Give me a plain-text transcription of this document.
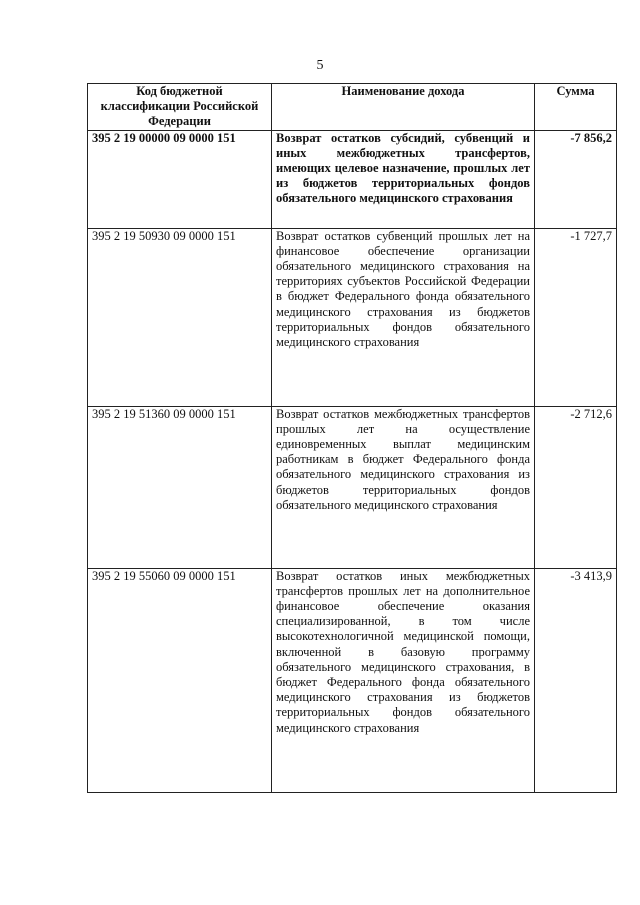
5
Код бюджетной классификации Российской Федерации	Наименование дохода	Сумма
395 2 19 00000 09 0000 151	Возврат остатков субсидий, субвенций и иных межбюджетных трансфертов, имеющих целевое назначение, прошлых лет из бюджетов территориальных фондов обязательного медицинского страхования	-7 856,2
395 2 19 50930 09 0000 151	Возврат остатков субвенций прошлых лет на финансовое обеспечение организации обязательного медицинского страхования на территориях субъектов Российской Федерации в бюджет Федерального фонда обязательного медицинского страхования из бюджетов территориальных фондов обязательного медицинского страхования	-1 727,7
395 2 19 51360 09 0000 151	Возврат остатков межбюджетных трансфертов прошлых лет на осуществление единовременных выплат медицинским работникам в бюджет Федерального фонда обязательного медицинского страхования из бюджетов территориальных фондов обязательного медицинского страхования	-2 712,6
395 2 19 55060 09 0000 151	Возврат остатков иных межбюджетных трансфертов прошлых лет на дополнительное финансовое обеспечение оказания специализированной, в том числе высокотехнологичной медицинской помощи, включенной в базовую программу обязательного медицинского страхования, в бюджет Федерального фонда обязательного медицинского страхования из бюджетов территориальных фондов обязательного медицинского страхования	-3 413,9
